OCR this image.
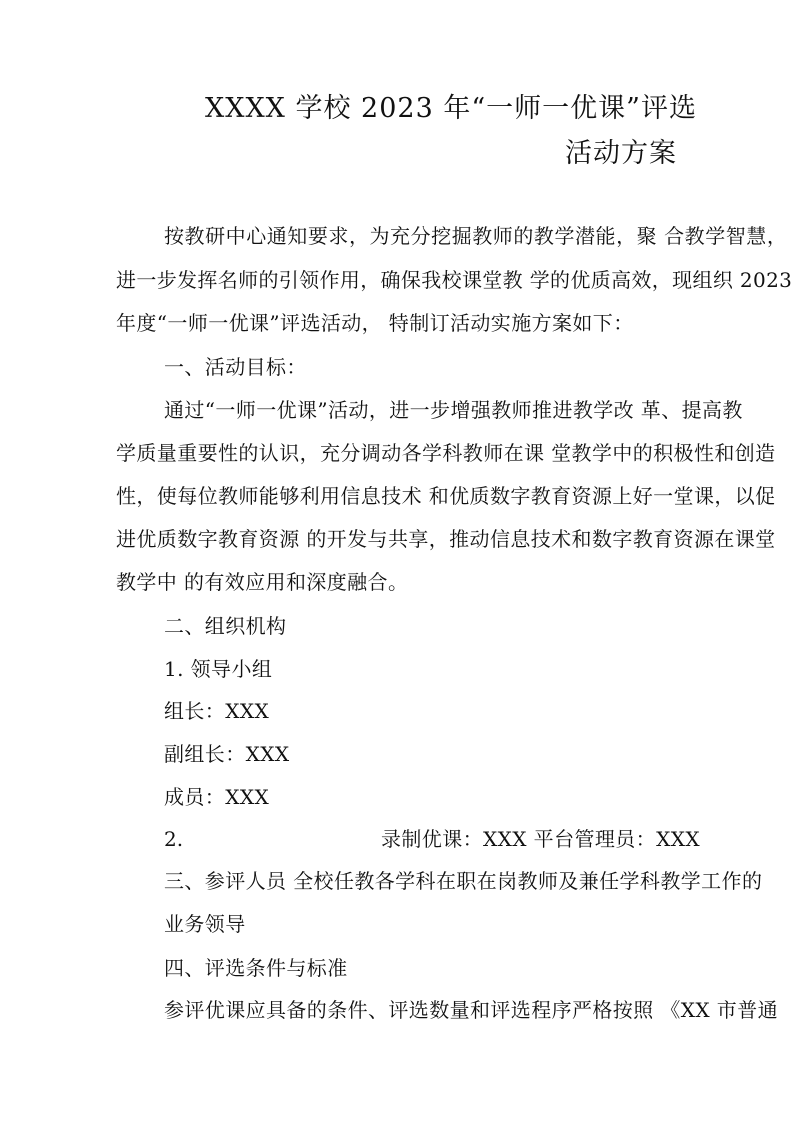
XXXX 学校 2023 年“一师一优课”评选
活动方案
按教研中心通知要求，为充分挖掘教师的教学潜能，聚 合教学智慧，
进一步发挥名师的引领作用，确保我校课堂教 学的优质高效，现组织 2023
年度“一师一优课”评选活动， 特制订活动实施方案如下：
一、活动目标：
通过“一师一优课”活动，进一步增强教师推进教学改 革、提高教
学质量重要性的认识，充分调动各学科教师在课 堂教学中的积极性和创造
性，使每位教师能够利用信息技术 和优质数字教育资源上好一堂课，以促
进优质数字教育资源 的开发与共享，推动信息技术和数字教育资源在课堂
教学中 的有效应用和深度融合。
二、组织机构
1. 领导小组
组长：XXX
副组长：XXX
成员：XXX
2.	录制优课：XXX 平台管理员：XXX
三、参评人员 全校任教各学科在职在岗教师及兼任学科教学工作的
业务领导
四、评选条件与标准
参评优课应具备的条件、评选数量和评选程序严格按照 《XX 市普通
